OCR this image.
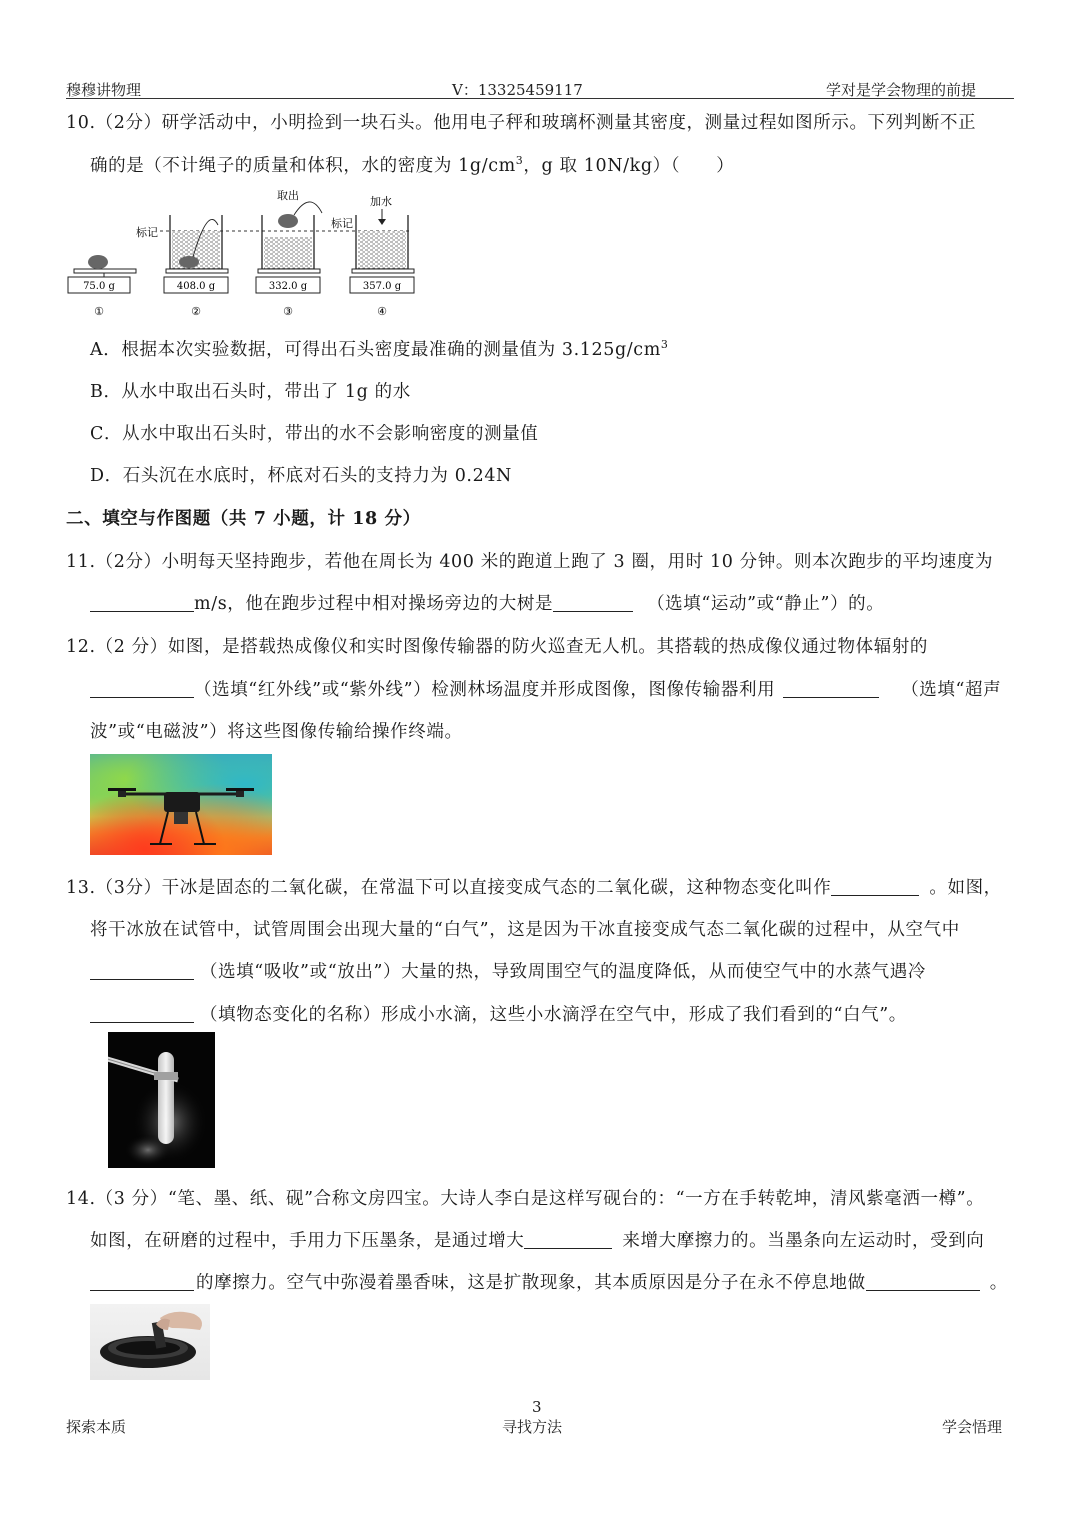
穆穆讲物理	V：13325459117	学对是学会物理的前提
10.（2分）研学活动中，小明捡到一块石头。他用电子秤和玻璃杯测量其密度，测量过程如图所示。下列判断不正
确的是（不计绳子的质量和体积，水的密度为 $1g/cm^3$，g 取 10N/kg）（　　）
标记
标记
取出	加水
75.0 g
①
408.0 g
②
332.0 g
③
357.0 g
④
A．根据本次实验数据，可得出石头密度最准确的测量值为 $3.125g/cm^3$
B．从水中取出石头时，带出了 1g 的水
C．从水中取出石头时，带出的水不会影响密度的测量值
D．石头沉在水底时，杯底对石头的支持力为 0.24N
二、填空与作图题（共 7 小题，计 18 分）
11.（2分）小明每天坚持跑步，若他在周长为 400 米的跑道上跑了 3 圈，用时 10 分钟。则本次跑步的平均速度为
m/s，他在跑步过程中相对操场旁边的大树是	（选填“运动”或“静止”）的。
12.（2 分）如图，是搭载热成像仪和实时图像传输器的防火巡查无人机。其搭载的热成像仪通过物体辐射的
（选填“红外线”或“紫外线”）检测林场温度并形成图像，图像传输器利用	（选填“超声
波”或“电磁波”）将这些图像传输给操作终端。
13.（3分）干冰是固态的二氧化碳，在常温下可以直接变成气态的二氧化碳，这种物态变化叫作	。如图，
将干冰放在试管中，试管周围会出现大量的“白气”，这是因为干冰直接变成气态二氧化碳的过程中，从空气中
（选填“吸收”或“放出”）大量的热，导致周围空气的温度降低，从而使空气中的水蒸气遇冷
（填物态变化的名称）形成小水滴，这些小水滴浮在空气中，形成了我们看到的“白气”。
14.（3 分）“笔、墨、纸、砚”合称文房四宝。大诗人李白是这样写砚台的：“一方在手转乾坤，清风紫毫洒一樽”。
如图，在研磨的过程中，手用力下压墨条，是通过增大	来增大摩擦力的。当墨条向左运动时，受到向
的摩擦力。空气中弥漫着墨香味，这是扩散现象，其本质原因是分子在永不停息地做	。
3
探索本质	寻找方法	学会悟理
